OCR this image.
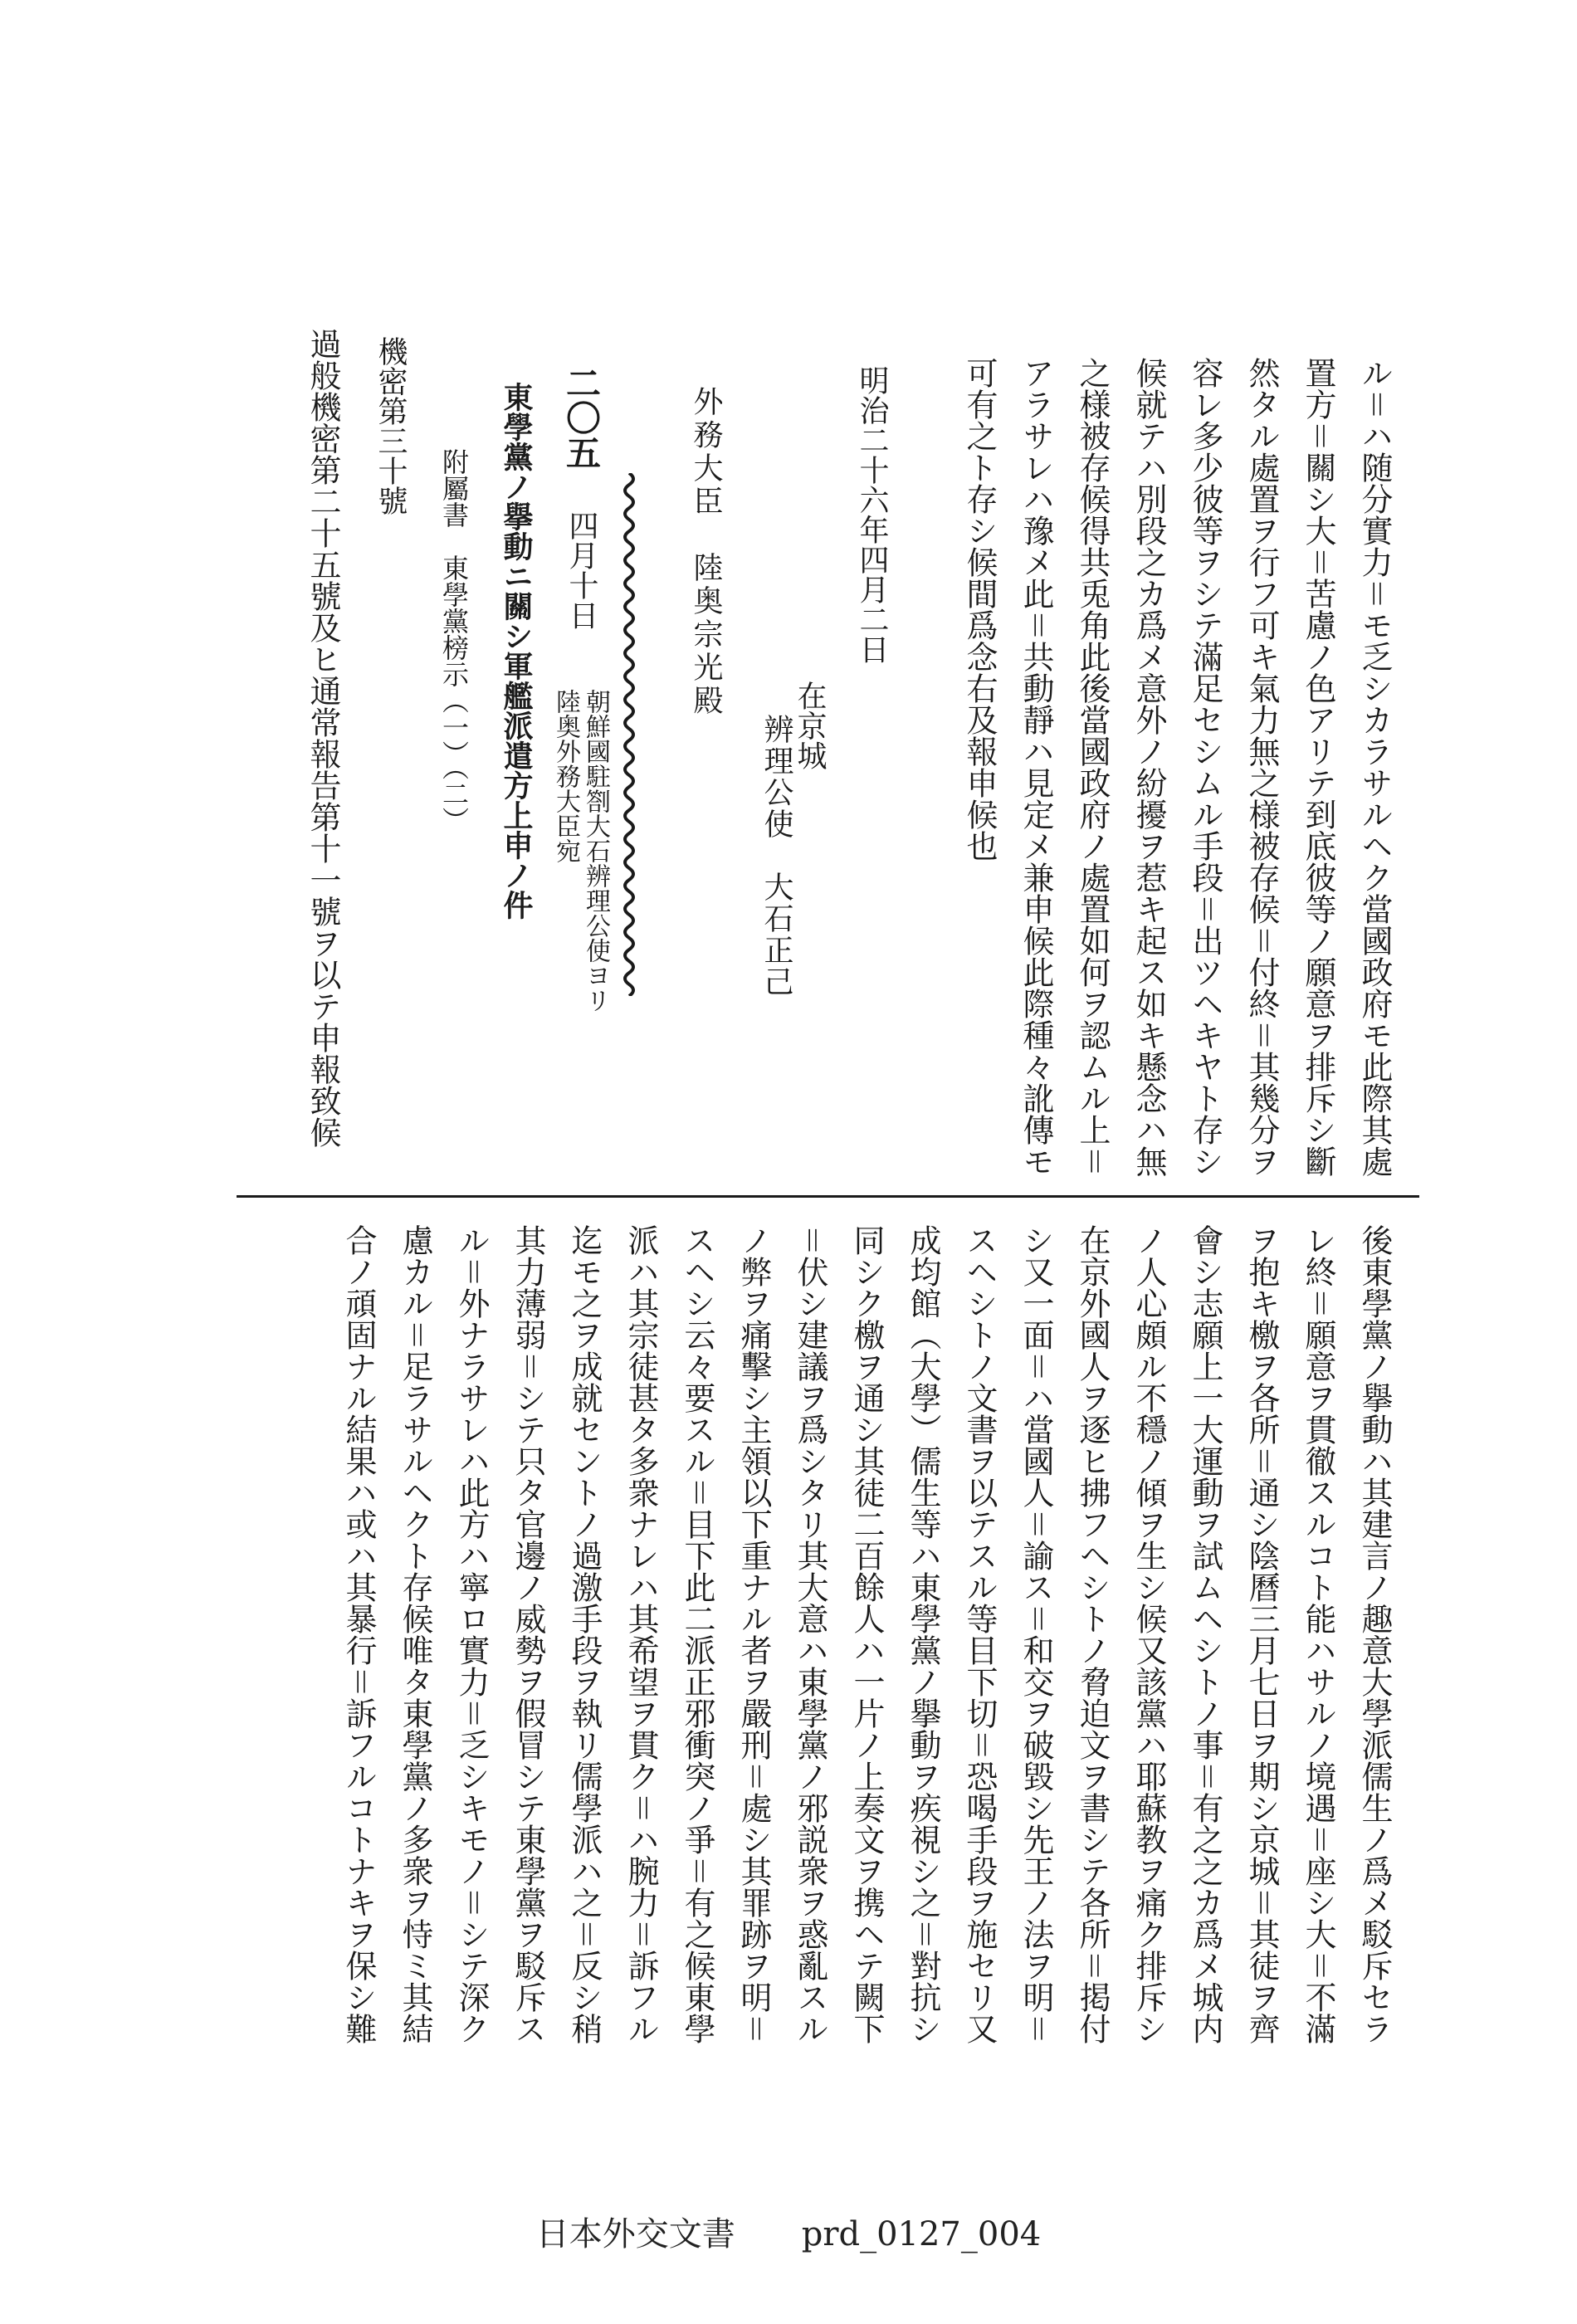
ル＝ハ随分實力＝モ乏シカラサルヘク當國政府モ此際其處
置方＝關シ大＝苦慮ノ色アリテ到底彼等ノ願意ヲ排斥シ斷
然タル處置ヲ行フ可キ氣力無之様被存候＝付終＝其幾分ヲ
容レ多少彼等ヲシテ滿足セシムル手段＝出ツヘキヤト存シ
候就テハ別段之カ爲メ意外ノ紛擾ヲ惹キ起ス如キ懸念ハ無
之様被存候得共兎角此後當國政府ノ處置如何ヲ認ムル上＝
アラサレハ豫メ此＝共動靜ハ見定メ兼申候此際種々訛傳モ
可有之ト存シ候間爲念右及報申候也
明治二十六年四月二日
在京城
辨理公使　大石正己
外務大臣　陸奥宗光殿
二〇五
四月十日
朝鮮國駐劄大石辨理公使ヨリ
陸奥外務大臣宛
東學黨ノ擧動ニ關シ軍艦派遣方上申ノ件
附屬書　東學黨榜示（一）（二）
機密第三十號
過般機密第二十五號及ヒ通常報告第十一號ヲ以テ申報致候
後東學黨ノ擧動ハ其建言ノ趣意大學派儒生ノ爲メ駁斥セラ
レ終＝願意ヲ貫徹スルコト能ハサルノ境遇＝座シ大＝不滿
ヲ抱キ檄ヲ各所＝通シ陰曆三月七日ヲ期シ京城＝其徒ヲ齊
會シ志願上一大運動ヲ試ムヘシトノ事＝有之之カ爲メ城内
ノ人心頗ル不穩ノ傾ヲ生シ候又該黨ハ耶蘇教ヲ痛ク排斥シ
在京外國人ヲ逐ヒ拂フヘシトノ脅迫文ヲ書シテ各所＝掲付
シ又一面＝ハ當國人＝諭ス＝和交ヲ破毀シ先王ノ法ヲ明＝
スヘシトノ文書ヲ以テスル等目下切＝恐喝手段ヲ施セリ又
成均館（大學）儒生等ハ東學黨ノ擧動ヲ疾視シ之＝對抗シ
同シク檄ヲ通シ其徒二百餘人ハ一片ノ上奏文ヲ携ヘテ闕下
＝伏シ建議ヲ爲シタリ其大意ハ東學黨ノ邪説衆ヲ惑亂スル
ノ弊ヲ痛擊シ主領以下重ナル者ヲ嚴刑＝處シ其罪跡ヲ明＝
スヘシ云々要スル＝目下此二派正邪衝突ノ爭＝有之候東學
派ハ其宗徒甚タ多衆ナレハ其希望ヲ貫ク＝ハ腕力＝訴フル
迄モ之ヲ成就セントノ過激手段ヲ執リ儒學派ハ之＝反シ稍
其力薄弱＝シテ只タ官邊ノ威勢ヲ假冒シテ東學黨ヲ駁斥ス
ル＝外ナラサレハ此方ハ寧ロ實力＝乏シキモノ＝シテ深ク
慮カル＝足ラサルヘクト存候唯タ東學黨ノ多衆ヲ恃ミ其結
合ノ頑固ナル結果ハ或ハ其暴行＝訴フルコトナキヲ保シ難
日本外交文書　　prd_0127_004
